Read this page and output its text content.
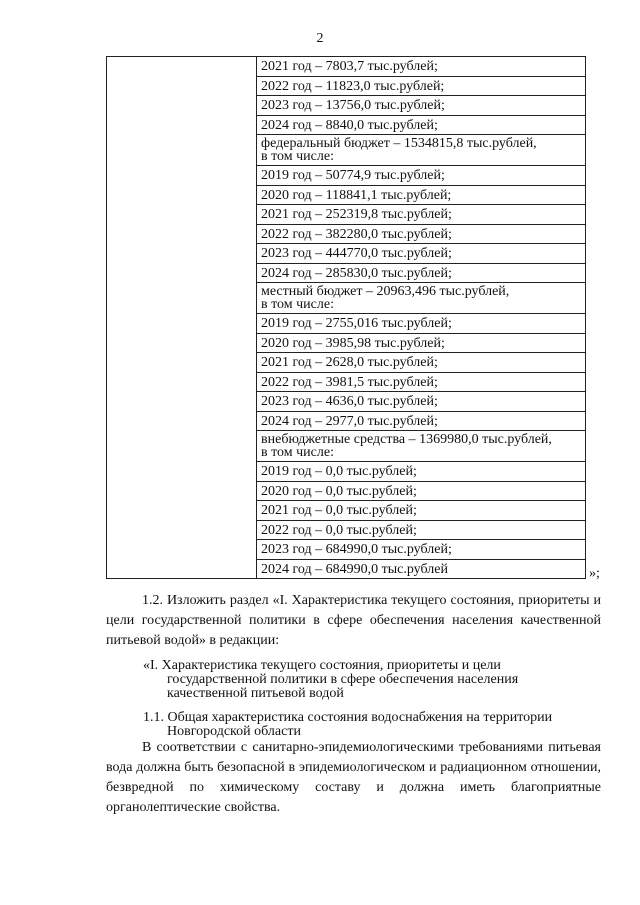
2
	2021 год – 7803,7 тыс.рублей;
2022 год – 11823,0 тыс.рублей;
2023 год – 13756,0 тыс.рублей;
2024 год – 8840,0 тыс.рублей;
федеральный бюджет – 1534815,8 тыс.рублей,
в том числе:
2019 год – 50774,9 тыс.рублей;
2020 год – 118841,1 тыс.рублей;
2021 год – 252319,8 тыс.рублей;
2022 год – 382280,0 тыс.рублей;
2023 год – 444770,0 тыс.рублей;
2024 год – 285830,0 тыс.рублей;
местный бюджет – 20963,496 тыс.рублей,
в том числе:
2019 год – 2755,016 тыс.рублей;
2020 год – 3985,98 тыс.рублей;
2021 год – 2628,0 тыс.рублей;
2022 год – 3981,5 тыс.рублей;
2023 год – 4636,0 тыс.рублей;
2024 год – 2977,0 тыс.рублей;
внебюджетные средства – 1369980,0 тыс.рублей,
в том числе:
2019 год – 0,0 тыс.рублей;
2020 год – 0,0 тыс.рублей;
2021 год – 0,0 тыс.рублей;
2022 год – 0,0 тыс.рублей;
2023 год – 684990,0 тыс.рублей;
2024 год – 684990,0 тыс.рублей	»;
1.2. Изложить раздел «I. Характеристика текущего состояния, приоритеты и цели государственной политики в сфере обеспечения населения качественной питьевой водой» в редакции:
«I. Характеристика текущего состояния, приоритеты и цели
государственной политики в сфере обеспечения населения качественной питьевой водой
1.1. Общая характеристика состояния водоснабжения на территории
Новгородской области
В соответствии с санитарно-эпидемиологическими требованиями питьевая вода должна быть безопасной в эпидемиологическом и радиационном отношении, безвредной по химическому составу и должна иметь благоприятные органолептические свойства.
